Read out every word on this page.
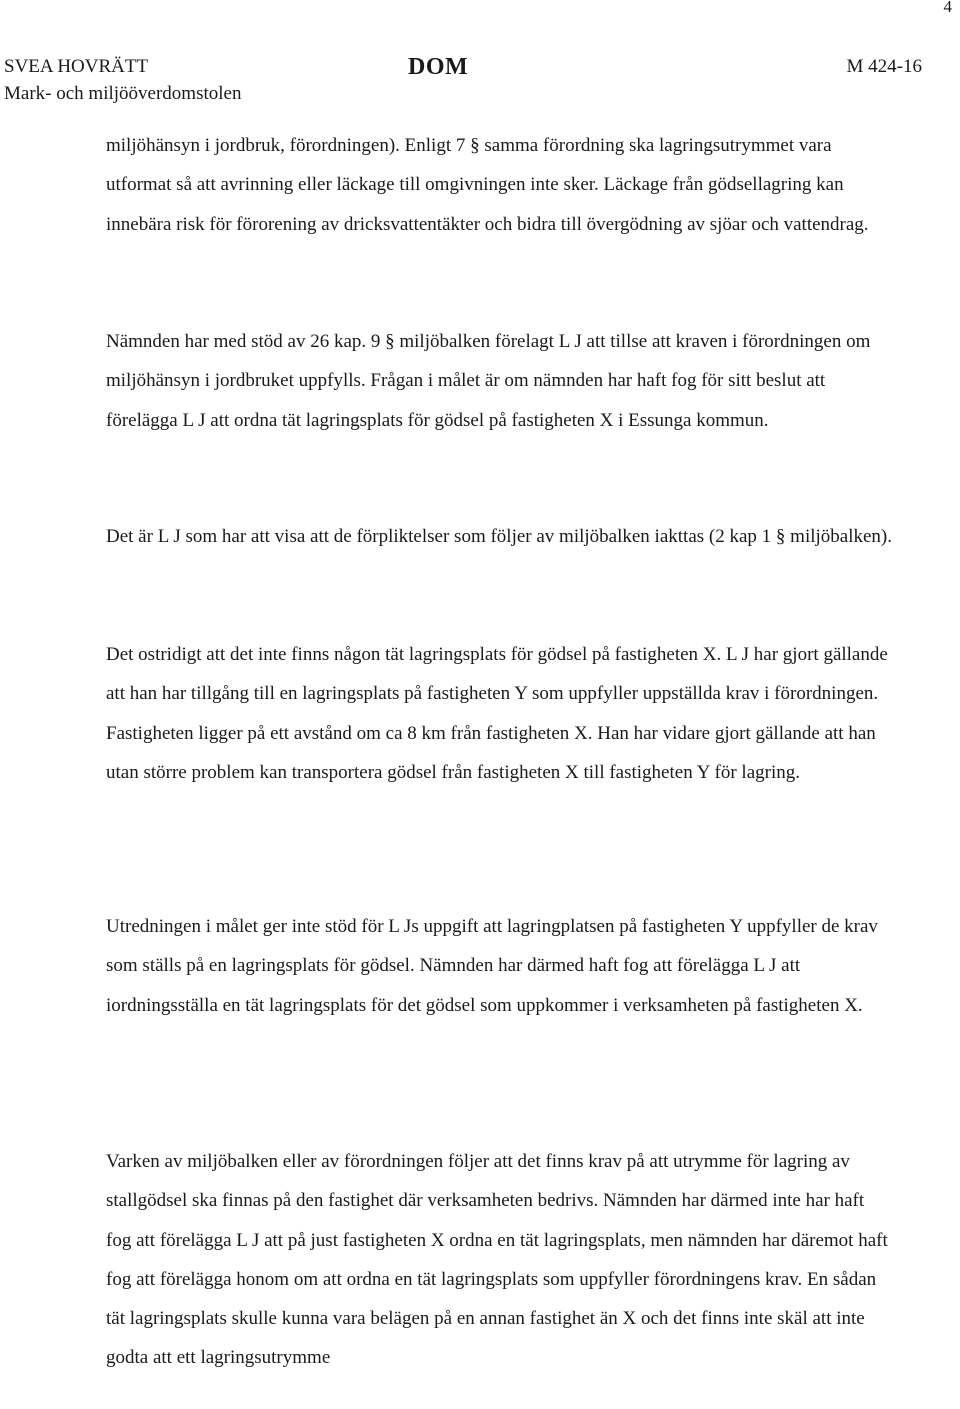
4
SVEA HOVRÄTT
Mark- och miljööverdomstolen
DOM	M 424-16

miljöhänsyn i jordbruk, förordningen). Enligt 7 § samma förordning ska lagringsutrymmet vara utformat så att avrinning eller läckage till omgivningen inte sker. Läckage från gödsellagring kan innebära risk för förorening av dricksvattentäkter och bidra till övergödning av sjöar och vattendrag.

Nämnden har med stöd av 26 kap. 9 § miljöbalken förelagt L J att tillse att kraven i förordningen om miljöhänsyn i jordbruket uppfylls. Frågan i målet är om nämnden har haft fog för sitt beslut att förelägga L J att ordna tät lagringsplats för gödsel på fastigheten X i Essunga kommun.

Det är L J som har att visa att de förpliktelser som följer av miljöbalken iakttas (2 kap 1 § miljöbalken).

Det ostridigt att det inte finns någon tät lagringsplats för gödsel på fastigheten X. L J har gjort gällande att han har tillgång till en lagringsplats på fastigheten Y som uppfyller uppställda krav i förordningen. Fastigheten ligger på ett avstånd om ca 8 km från fastigheten X. Han har vidare gjort gällande att han utan större problem kan transportera gödsel från fastigheten X till fastigheten Y för lagring.

Utredningen i målet ger inte stöd för L Js uppgift att lagringplatsen på fastigheten Y uppfyller de krav som ställs på en lagringsplats för gödsel. Nämnden har därmed haft fog att förelägga L J att iordningsställa en tät lagringsplats för det gödsel som uppkommer i verksamheten på fastigheten X.

Varken av miljöbalken eller av förordningen följer att det finns krav på att utrymme för lagring av stallgödsel ska finnas på den fastighet där verksamheten bedrivs. Nämnden har därmed inte har haft fog att förelägga L J att på just fastigheten X ordna en tät lagringsplats, men nämnden har däremot haft fog att förelägga honom om att ordna en tät lagringsplats som uppfyller förordningens krav. En sådan tät lagringsplats skulle kunna vara belägen på en annan fastighet än X och det finns inte skäl att inte godta att ett lagringsutrymme
